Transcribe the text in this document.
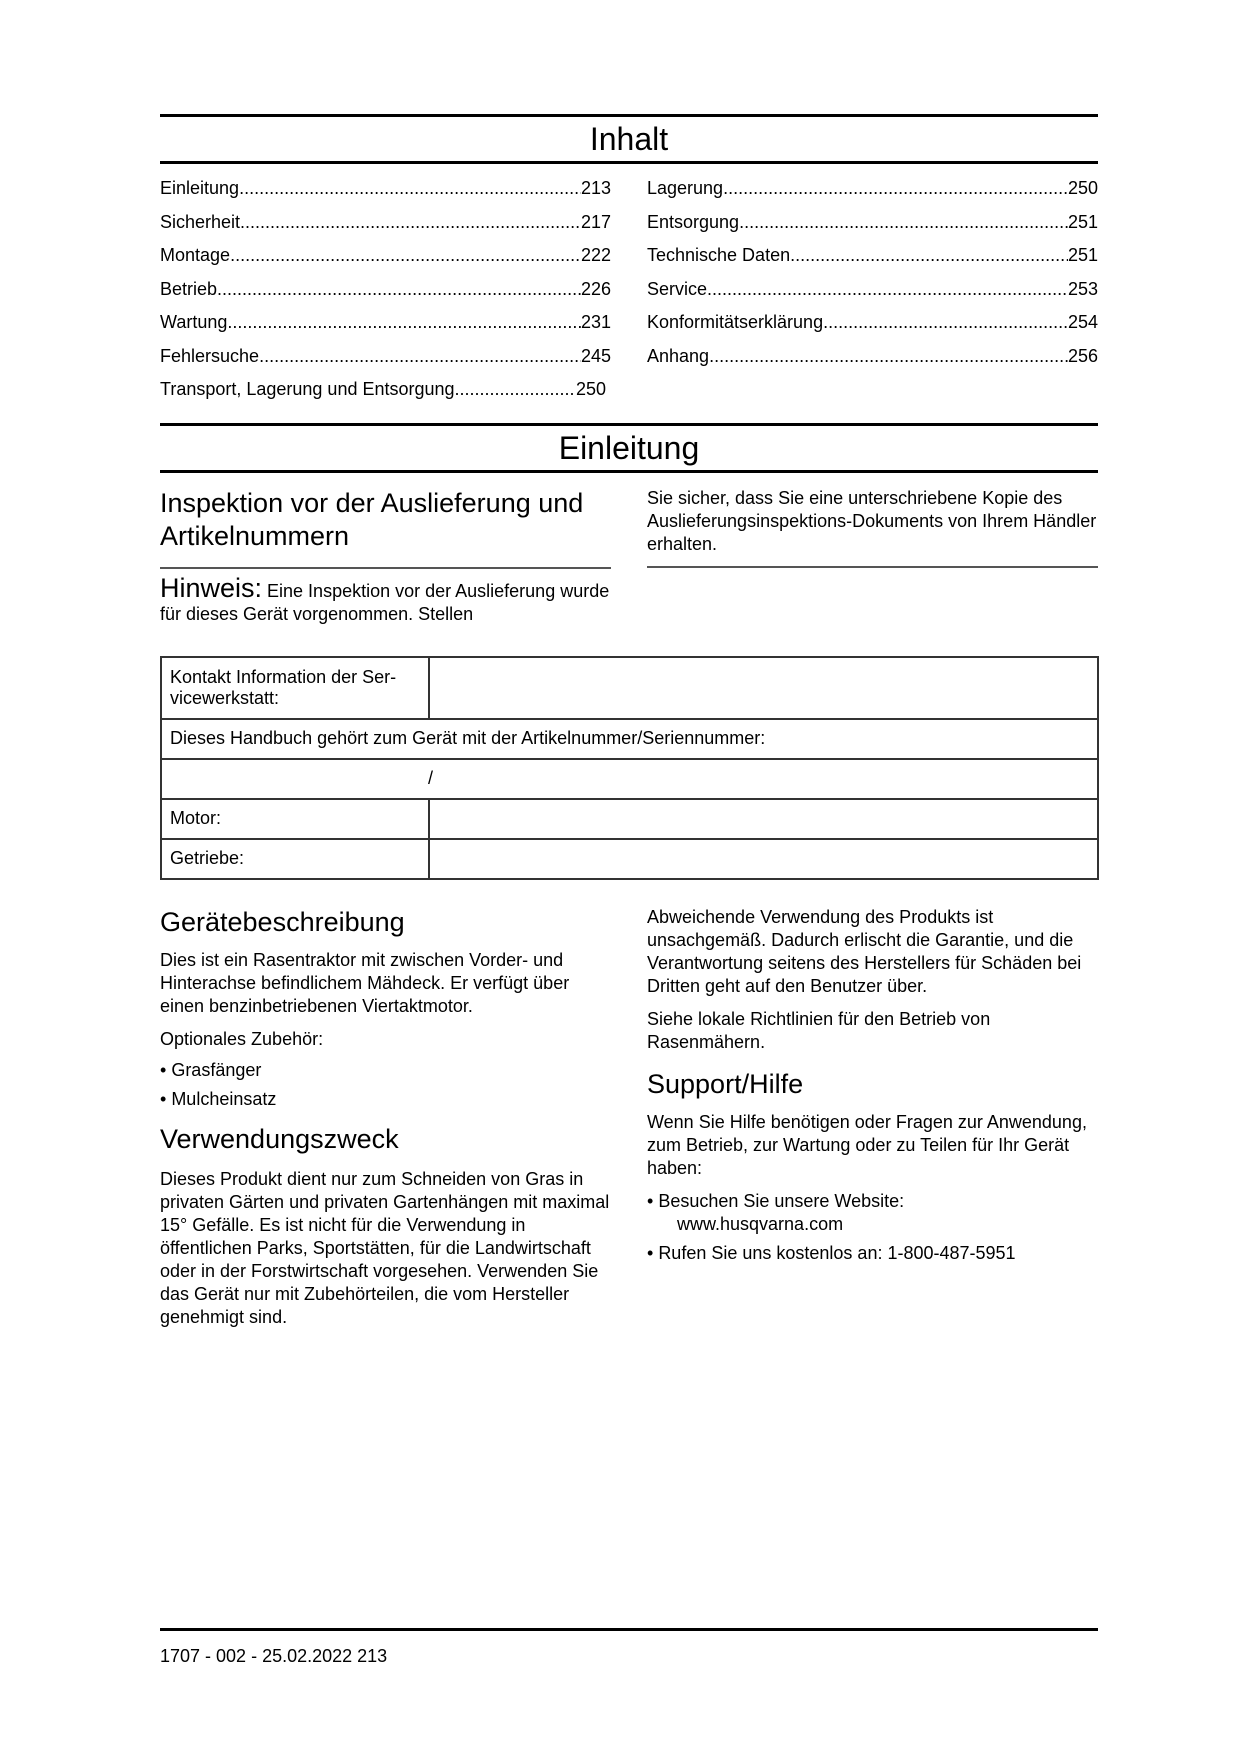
Inhalt
Einleitung .....	213
Sicherheit .....	217
Montage .....	222
Betrieb .....	226
Wartung .....	231
Fehlersuche .....	245
Transport, Lagerung und Entsorgung .....	250
Lagerung .....	250
Entsorgung .....	251
Technische Daten .....	251
Service .....	253
Konformitätserklärung .....	254
Anhang .....	256
Einleitung
Inspektion vor der Auslieferung und Artikelnummern

Hinweis: Eine Inspektion vor der Auslieferung wurde für dieses Gerät vorgenommen. Stellen

Sie sicher, dass Sie eine unterschriebene Kopie des Auslieferungsinspektions-Dokuments von Ihrem Händler erhalten.

Kontakt Information der Ser-vicewerkstatt:	
Dieses Handbuch gehört zum Gerät mit der Artikelnummer/Seriennummer:	
/	
Motor:	
Getriebe:	
Gerätebeschreibung

Dies ist ein Rasentraktor mit zwischen Vorder- und Hinterachse befindlichem Mähdeck. Er verfügt über einen benzinbetriebenen Viertaktmotor.

Optionales Zubehör:

• Grasfänger
• Mulcheinsatz
Verwendungszweck

Dieses Produkt dient nur zum Schneiden von Gras in privaten Gärten und privaten Gartenhängen mit maximal 15° Gefälle. Es ist nicht für die Verwendung in öffentlichen Parks, Sportstätten, für die Landwirtschaft oder in der Forstwirtschaft vorgesehen. Verwenden Sie das Gerät nur mit Zubehörteilen, die vom Hersteller genehmigt sind.

Abweichende Verwendung des Produkts ist unsachgemäß. Dadurch erlischt die Garantie, und die Verantwortung seitens des Herstellers für Schäden bei Dritten geht auf den Benutzer über.

Siehe lokale Richtlinien für den Betrieb von Rasenmähern.

Support/Hilfe

Wenn Sie Hilfe benötigen oder Fragen zur Anwendung, zum Betrieb, zur Wartung oder zu Teilen für Ihr Gerät haben:

• Besuchen Sie unsere Website:
www.husqvarna.com
• Rufen Sie uns kostenlos an: 1-800-487-5951
1707 - 002 - 25.02.2022 213
